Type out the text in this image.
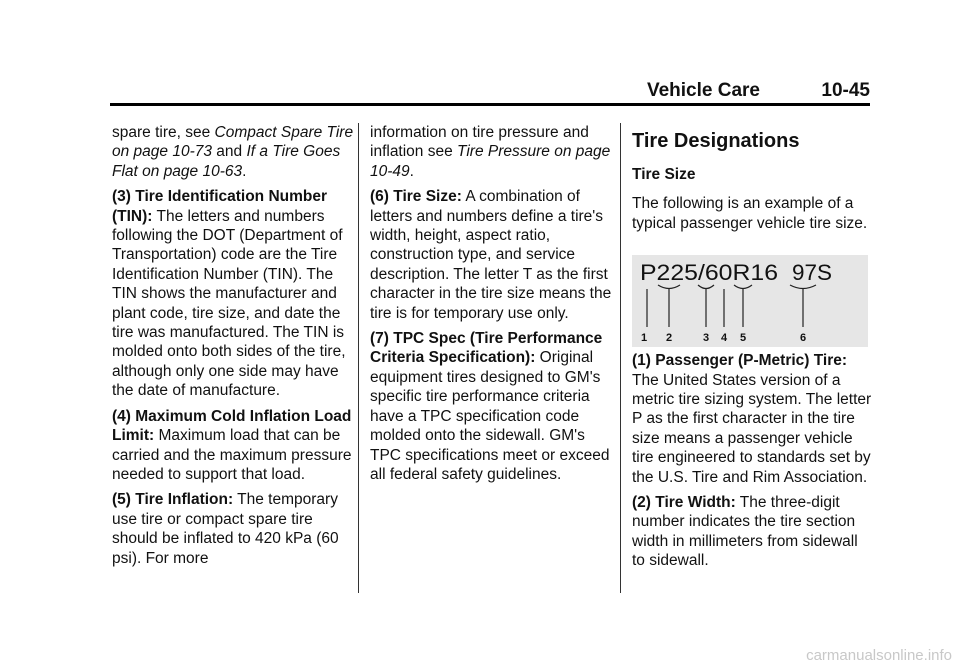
Vehicle Care	10-45

spare tire, see Compact Spare Tire on page 10-73 and If a Tire Goes Flat on page 10-63.

(3) Tire Identification Number (TIN): The letters and numbers following the DOT (Department of Transportation) code are the Tire Identification Number (TIN). The TIN shows the manufacturer and plant code, tire size, and date the tire was manufactured. The TIN is molded onto both sides of the tire, although only one side may have the date of manufacture.

(4) Maximum Cold Inflation Load Limit: Maximum load that can be carried and the maximum pressure needed to support that load.

(5) Tire Inflation: The temporary use tire or compact spare tire should be inflated to 420 kPa (60 psi). For more

information on tire pressure and inflation see Tire Pressure on page 10-49.

(6) Tire Size: A combination of letters and numbers define a tire's width, height, aspect ratio, construction type, and service description. The letter T as the first character in the tire size means the tire is for temporary use only.

(7) TPC Spec (Tire Performance Criteria Specification): Original equipment tires designed to GM's specific tire performance criteria have a TPC specification code molded onto the sidewall. GM's TPC specifications meet or exceed all federal safety guidelines.

Tire Designations
Tire Size

The following is an example of a typical passenger vehicle tire size.

P225/60R16 97S
1 2	3 4 5	6

(1) Passenger (P-Metric) Tire: The United States version of a metric tire sizing system. The letter P as the first character in the tire size means a passenger vehicle tire engineered to standards set by the U.S. Tire and Rim Association.

(2) Tire Width: The three-digit number indicates the tire section width in millimeters from sidewall to sidewall.

carmanualsonline.info
